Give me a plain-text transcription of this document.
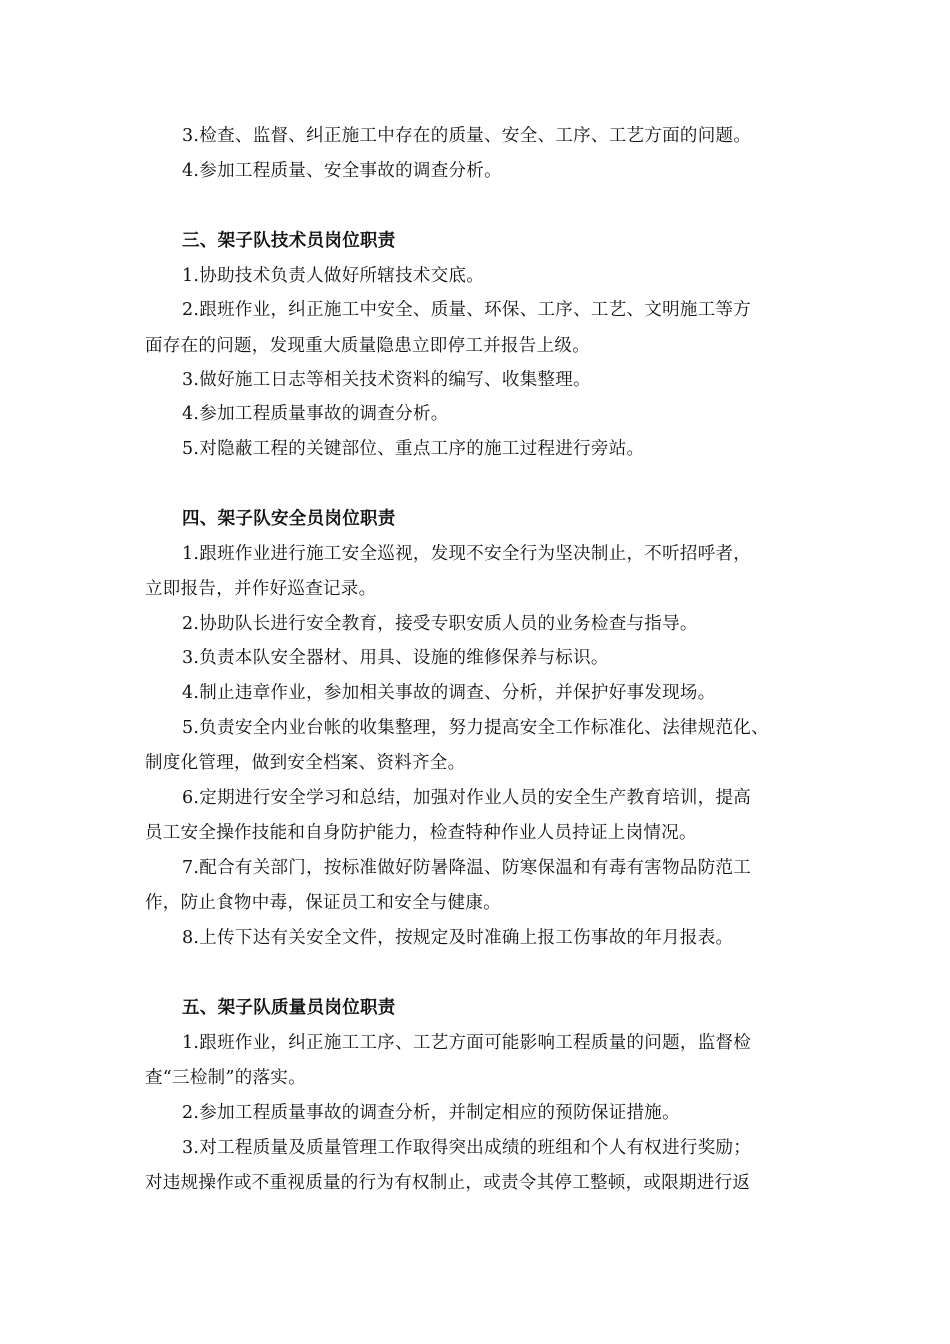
3.检查、监督、纠正施工中存在的质量、安全、工序、工艺方面的问题。

4.参加工程质量、安全事故的调查分析。

三、架子队技术员岗位职责

1.协助技术负责人做好所辖技术交底。

2.跟班作业，纠正施工中安全、质量、环保、工序、工艺、文明施工等方

面存在的问题，发现重大质量隐患立即停工并报告上级。

3.做好施工日志等相关技术资料的编写、收集整理。

4.参加工程质量事故的调查分析。

5.对隐蔽工程的关键部位、重点工序的施工过程进行旁站。

四、架子队安全员岗位职责

1.跟班作业进行施工安全巡视，发现不安全行为坚决制止，不听招呼者，

立即报告，并作好巡查记录。

2.协助队长进行安全教育，接受专职安质人员的业务检查与指导。

3.负责本队安全器材、用具、设施的维修保养与标识。

4.制止违章作业，参加相关事故的调查、分析，并保护好事发现场。

5.负责安全内业台帐的收集整理，努力提高安全工作标准化、法律规范化、

制度化管理，做到安全档案、资料齐全。

6.定期进行安全学习和总结，加强对作业人员的安全生产教育培训，提高

员工安全操作技能和自身防护能力，检查特种作业人员持证上岗情况。

7.配合有关部门，按标准做好防暑降温、防寒保温和有毒有害物品防范工

作，防止食物中毒，保证员工和安全与健康。

8.上传下达有关安全文件，按规定及时准确上报工伤事故的年月报表。

五、架子队质量员岗位职责

1.跟班作业，纠正施工工序、工艺方面可能影响工程质量的问题，监督检

查“三检制”的落实。

2.参加工程质量事故的调查分析，并制定相应的预防保证措施。

3.对工程质量及质量管理工作取得突出成绩的班组和个人有权进行奖励；

对违规操作或不重视质量的行为有权制止，或责令其停工整顿，或限期进行返
